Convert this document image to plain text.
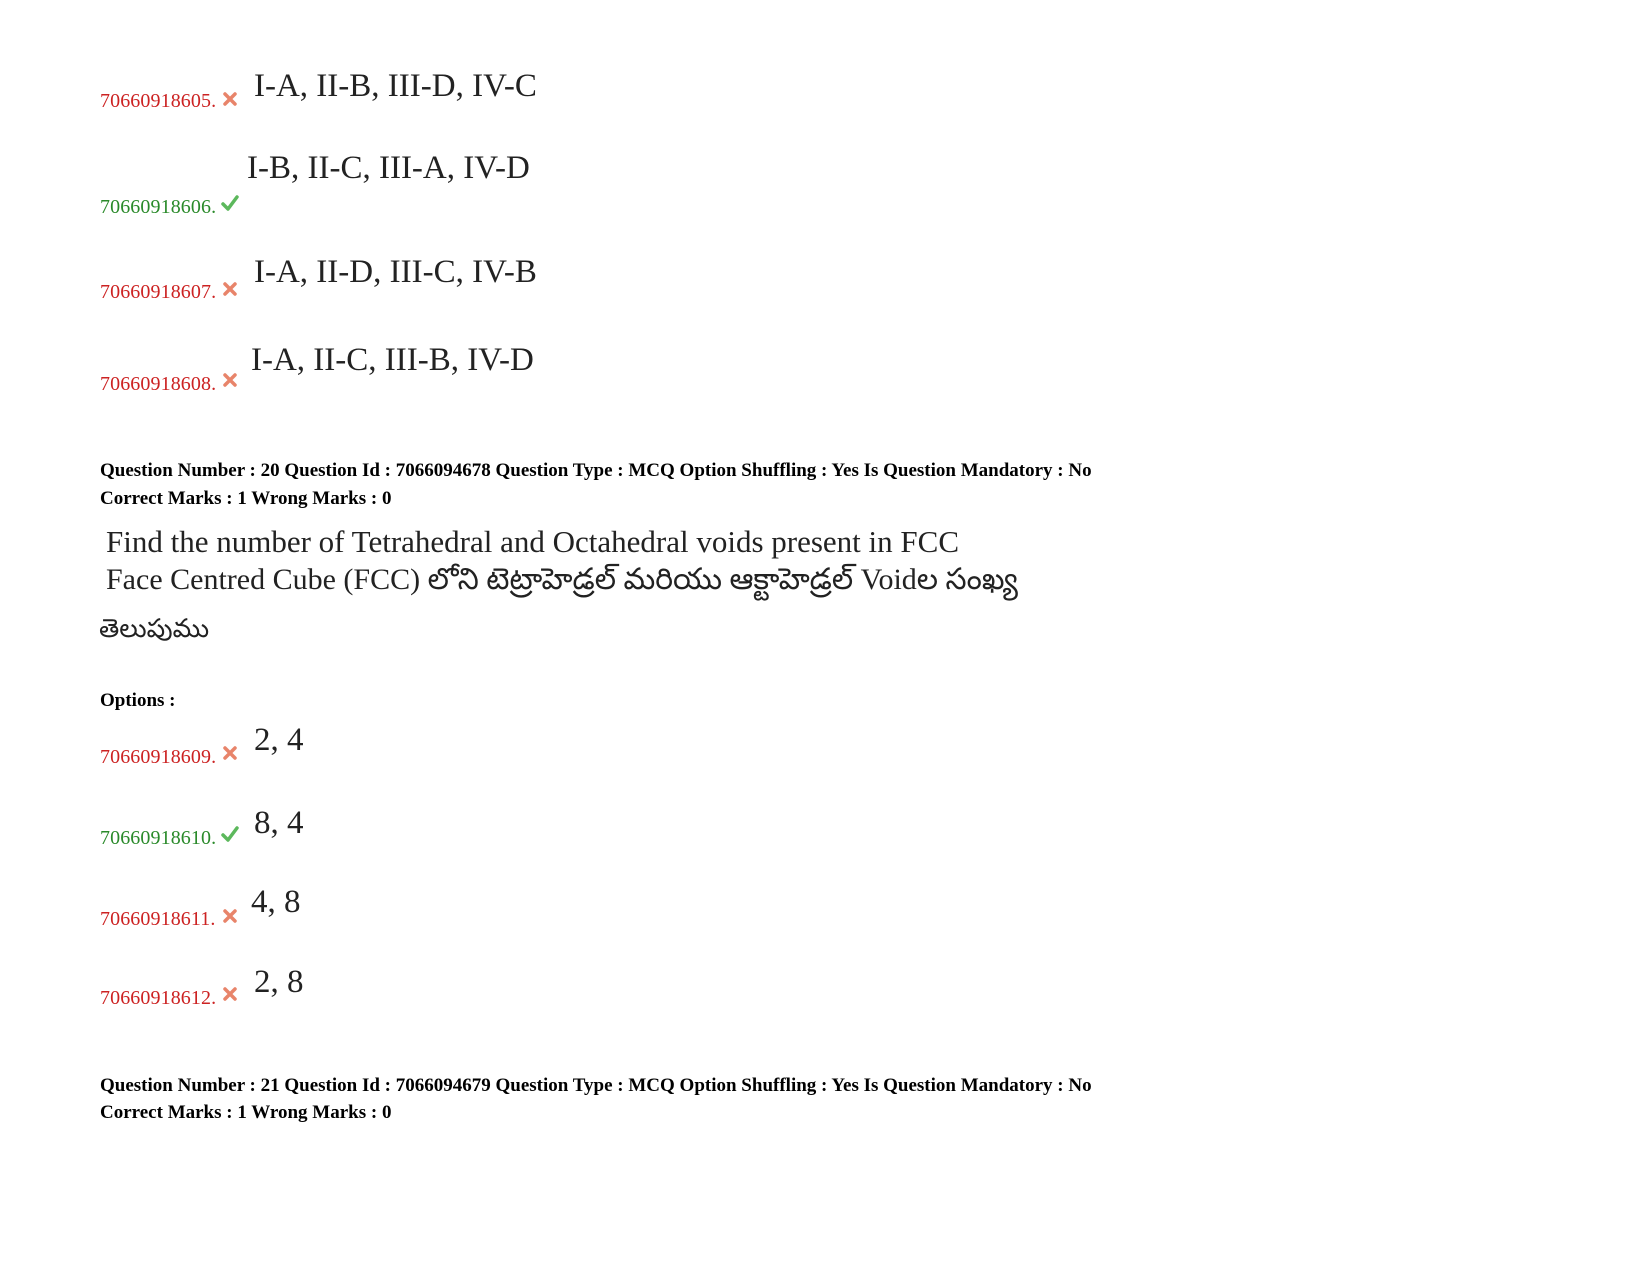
70660918605. I-A, II-B, III-D, IV-C
70660918606.
I-B, II-C, III-A, IV-D
70660918607.
I-A, II-D, III-C, IV-B
70660918608.
I-A, II-C, III-B, IV-D
Question Number : 20 Question Id : 7066094678 Question Type : MCQ Option Shuffling : Yes Is Question Mandatory : No
Correct Marks : 1 Wrong Marks : 0
Find the number of Tetrahedral and Octahedral voids present in FCC
Face Centred Cube (FCC) లోని టెట్రాహెడ్రల్ మరియు ఆక్టాహెడ్రల్ Voidల సంఖ్య
తెలుపుము
Options :
70660918609. 2, 4
70660918610. 8, 4
70660918611. 4, 8
70660918612. 2, 8
Question Number : 21 Question Id : 7066094679 Question Type : MCQ Option Shuffling : Yes Is Question Mandatory : No
Correct Marks : 1 Wrong Marks : 0
